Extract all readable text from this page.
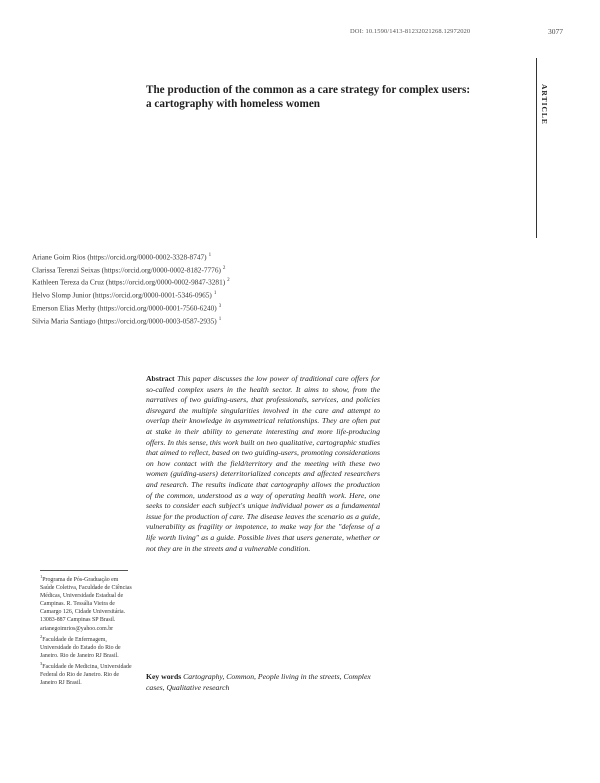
DOI: 10.1590/1413-81232021268.12972020	3077
ARTICLE
The production of the common as a care strategy for complex users: a cartography with homeless women
Ariane Goim Rios (https://orcid.org/0000-0002-3328-8747) $^1$
Clarissa Terenzi Seixas (https://orcid.org/0000-0002-8182-7776) $^2$
Kathleen Tereza da Cruz (https://orcid.org/0000-0002-9847-3281) $^2$
Helvo Slomp Junior (https://orcid.org/0000-0001-5346-0965) $^1$
Emerson Elias Merhy (https://orcid.org/0000-0001-7560-6240) $^3$
Silvia Maria Santiago (https://orcid.org/0000-0003-0587-2935) $^1$
Abstract This paper discusses the low power of traditional care offers for so-called complex users in the health sector. It aims to show, from the narratives of two guiding-users, that professionals, services, and policies disregard the multiple singularities involved in the care and attempt to overlap their knowledge in asymmetrical relationships. They are often put at stake in their ability to generate interesting and more life-producing offers. In this sense, this work built on two qualitative, cartographic studies that aimed to reflect, based on two guiding-users, promoting considerations on how contact with the field/territory and the meeting with these two women (guiding-users) deterritorialized concepts and affected researchers and research. The results indicate that cartography allows the production of the common, understood as a way of operating health work. Here, one seeks to consider each subject's unique individual power as a fundamental issue for the production of care. The disease leaves the scenario as a guide, vulnerability as fragility or impotence, to make way for the "defense of a life worth living" as a guide. Possible lives that users generate, whether or not they are in the streets and a vulnerable condition.
Key words Cartography, Common, People living in the streets, Complex cases, Qualitative research
$^1$Programa de Pós-Graduação em Saúde Coletiva, Faculdade de Ciências Médicas, Universidade Estadual de Campinas. R. Tessália Vieira de Camargo 126, Cidade Universitária. 13083-887 Campinas SP Brasil. arianegoimrios@yahoo.com.br
$^2$Faculdade de Enfermagem, Universidade do Estado do Rio de Janeiro. Rio de Janeiro RJ Brasil.
$^3$Faculdade de Medicina, Universidade Federal do Rio de Janeiro. Rio de Janeiro RJ Brasil.
